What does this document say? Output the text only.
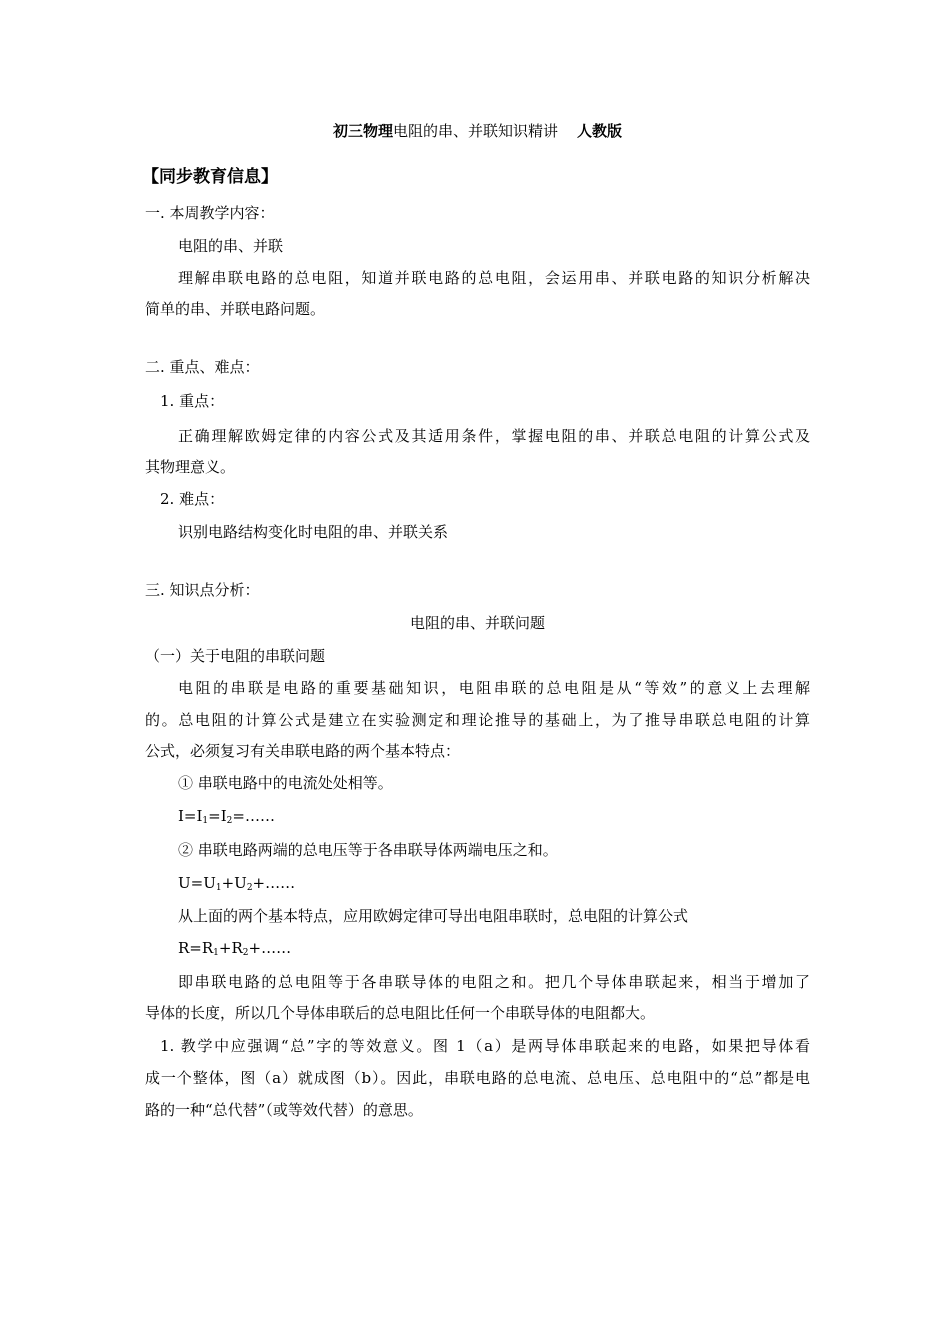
初三物理电阻的串、并联知识精讲 人教版
【同步教育信息】
一. 本周教学内容：
电阻的串、并联
理解串联电路的总电阻，知道并联电路的总电阻，会运用串、并联电路的知识分析解决
简单的串、并联电路问题。
二. 重点、难点：
1. 重点：
正确理解欧姆定律的内容公式及其适用条件，掌握电阻的串、并联总电阻的计算公式及
其物理意义。
2. 难点：
识别电路结构变化时电阻的串、并联关系
三. 知识点分析：
电阻的串、并联问题
（一）关于电阻的串联问题
电阻的串联是电路的重要基础知识，电阻串联的总电阻是从“等效”的意义上去理解
的。总电阻的计算公式是建立在实验测定和理论推导的基础上，为了推导串联总电阻的计算
公式，必须复习有关串联电路的两个基本特点：
① 串联电路中的电流处处相等。
$I=I_1=I_2=\dots\dots$
② 串联电路两端的总电压等于各串联导体两端电压之和。
$U=U_1+U_2+\dots\dots$
从上面的两个基本特点，应用欧姆定律可导出电阻串联时，总电阻的计算公式
$R=R_1+R_2+\dots\dots$
即串联电路的总电阻等于各串联导体的电阻之和。把几个导体串联起来，相当于增加了
导体的长度，所以几个导体串联后的总电阻比任何一个串联导体的电阻都大。
1. 教学中应强调“总”字的等效意义。图 1（a）是两导体串联起来的电路，如果把导体看
成一个整体，图（a）就成图（b）。因此，串联电路的总电流、总电压、总电阻中的“总”都是电
路的一种“总代替”（或等效代替）的意思。
